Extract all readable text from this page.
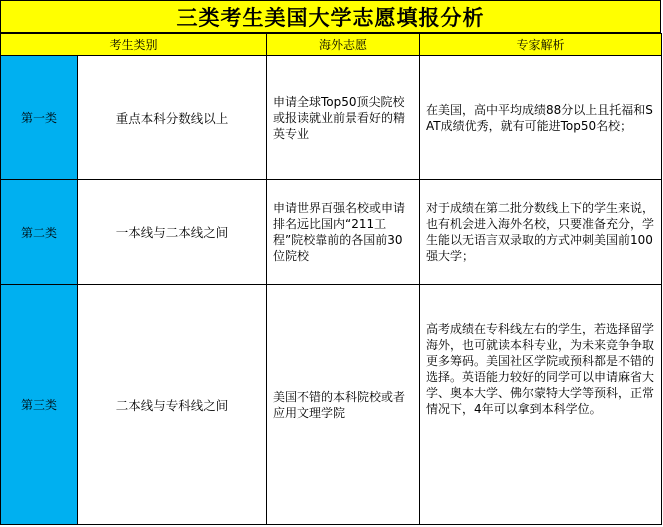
三类考生美国大学志愿填报分析
考生类别		海外志愿	专家解析
第一类	重点本科分数线以上	申请全球Top50顶尖院校或报读就业前景看好的精英专业	在美国，高中平均成绩88分以上且托福和SAT成绩优秀，就有可能进Top50名校；
第二类	一本线与二本线之间	申请世界百强名校或申请排名远比国内“211工程”院校靠前的各国前30位院校	对于成绩在第二批分数线上下的学生来说，也有机会进入海外名校，只要准备充分，学生能以无语言双录取的方式冲刺美国前100强大学；
第三类	二本线与专科线之间	美国不错的本科院校或者应用文理学院	高考成绩在专科线左右的学生，若选择留学海外，也可就读本科专业，为未来竞争争取更多筹码。美国社区学院或预科都是不错的选择。英语能力较好的同学可以申请麻省大学、奥本大学、佛尔蒙特大学等预科，正常情况下，4年可以拿到本科学位。
